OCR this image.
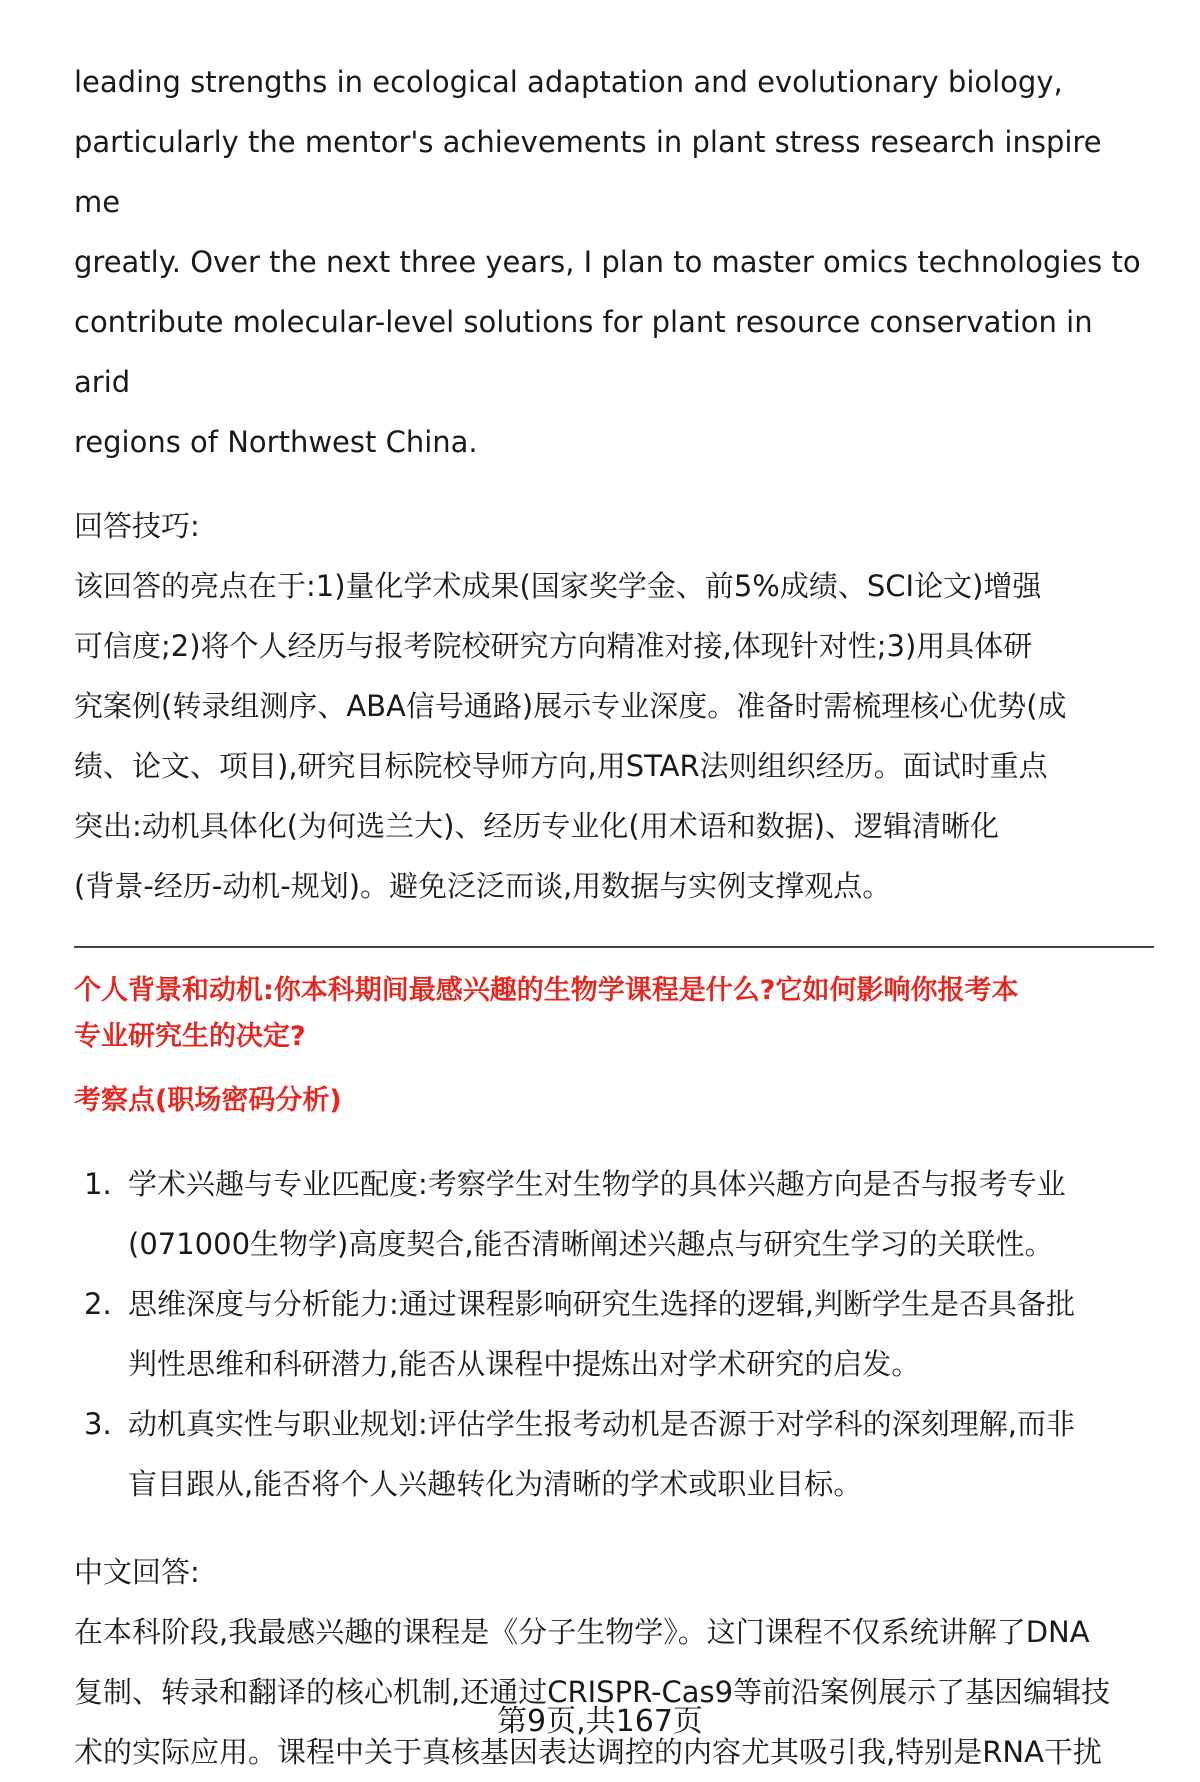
leading strengths in ecological adaptation and evolutionary biology,

particularly the mentor's achievements in plant stress research inspire me

greatly. Over the next three years, I plan to master omics technologies to

contribute molecular-level solutions for plant resource conservation in arid

regions of Northwest China.

回答技巧:

该回答的亮点在于:1)量化学术成果(国家奖学金、前5%成绩、SCI论文)增强

可信度;2)将个人经历与报考院校研究方向精准对接,体现针对性;3)用具体研

究案例(转录组测序、ABA信号通路)展示专业深度。准备时需梳理核心优势(成

绩、论文、项目),研究目标院校导师方向,用STAR法则组织经历。面试时重点

突出:动机具体化(为何选兰大)、经历专业化(用术语和数据)、逻辑清晰化

(背景-经历-动机-规划)。避免泛泛而谈,用数据与实例支撑观点。

个人背景和动机:你本科期间最感兴趣的生物学课程是什么?它如何影响你报考本

专业研究生的决定?

考察点(职场密码分析)

1. 学术兴趣与专业匹配度:考察学生对生物学的具体兴趣方向是否与报考专业

(071000生物学)高度契合,能否清晰阐述兴趣点与研究生学习的关联性。

2. 思维深度与分析能力:通过课程影响研究生选择的逻辑,判断学生是否具备批

判性思维和科研潜力,能否从课程中提炼出对学术研究的启发。

3. 动机真实性与职业规划:评估学生报考动机是否源于对学科的深刻理解,而非

盲目跟从,能否将个人兴趣转化为清晰的学术或职业目标。

中文回答:

在本科阶段,我最感兴趣的课程是《分子生物学》。这门课程不仅系统讲解了DNA

复制、转录和翻译的核心机制,还通过CRISPR-Cas9等前沿案例展示了基因编辑技

术的实际应用。课程中关于真核基因表达调控的内容尤其吸引我,特别是RNA干扰

第9页,共167页
